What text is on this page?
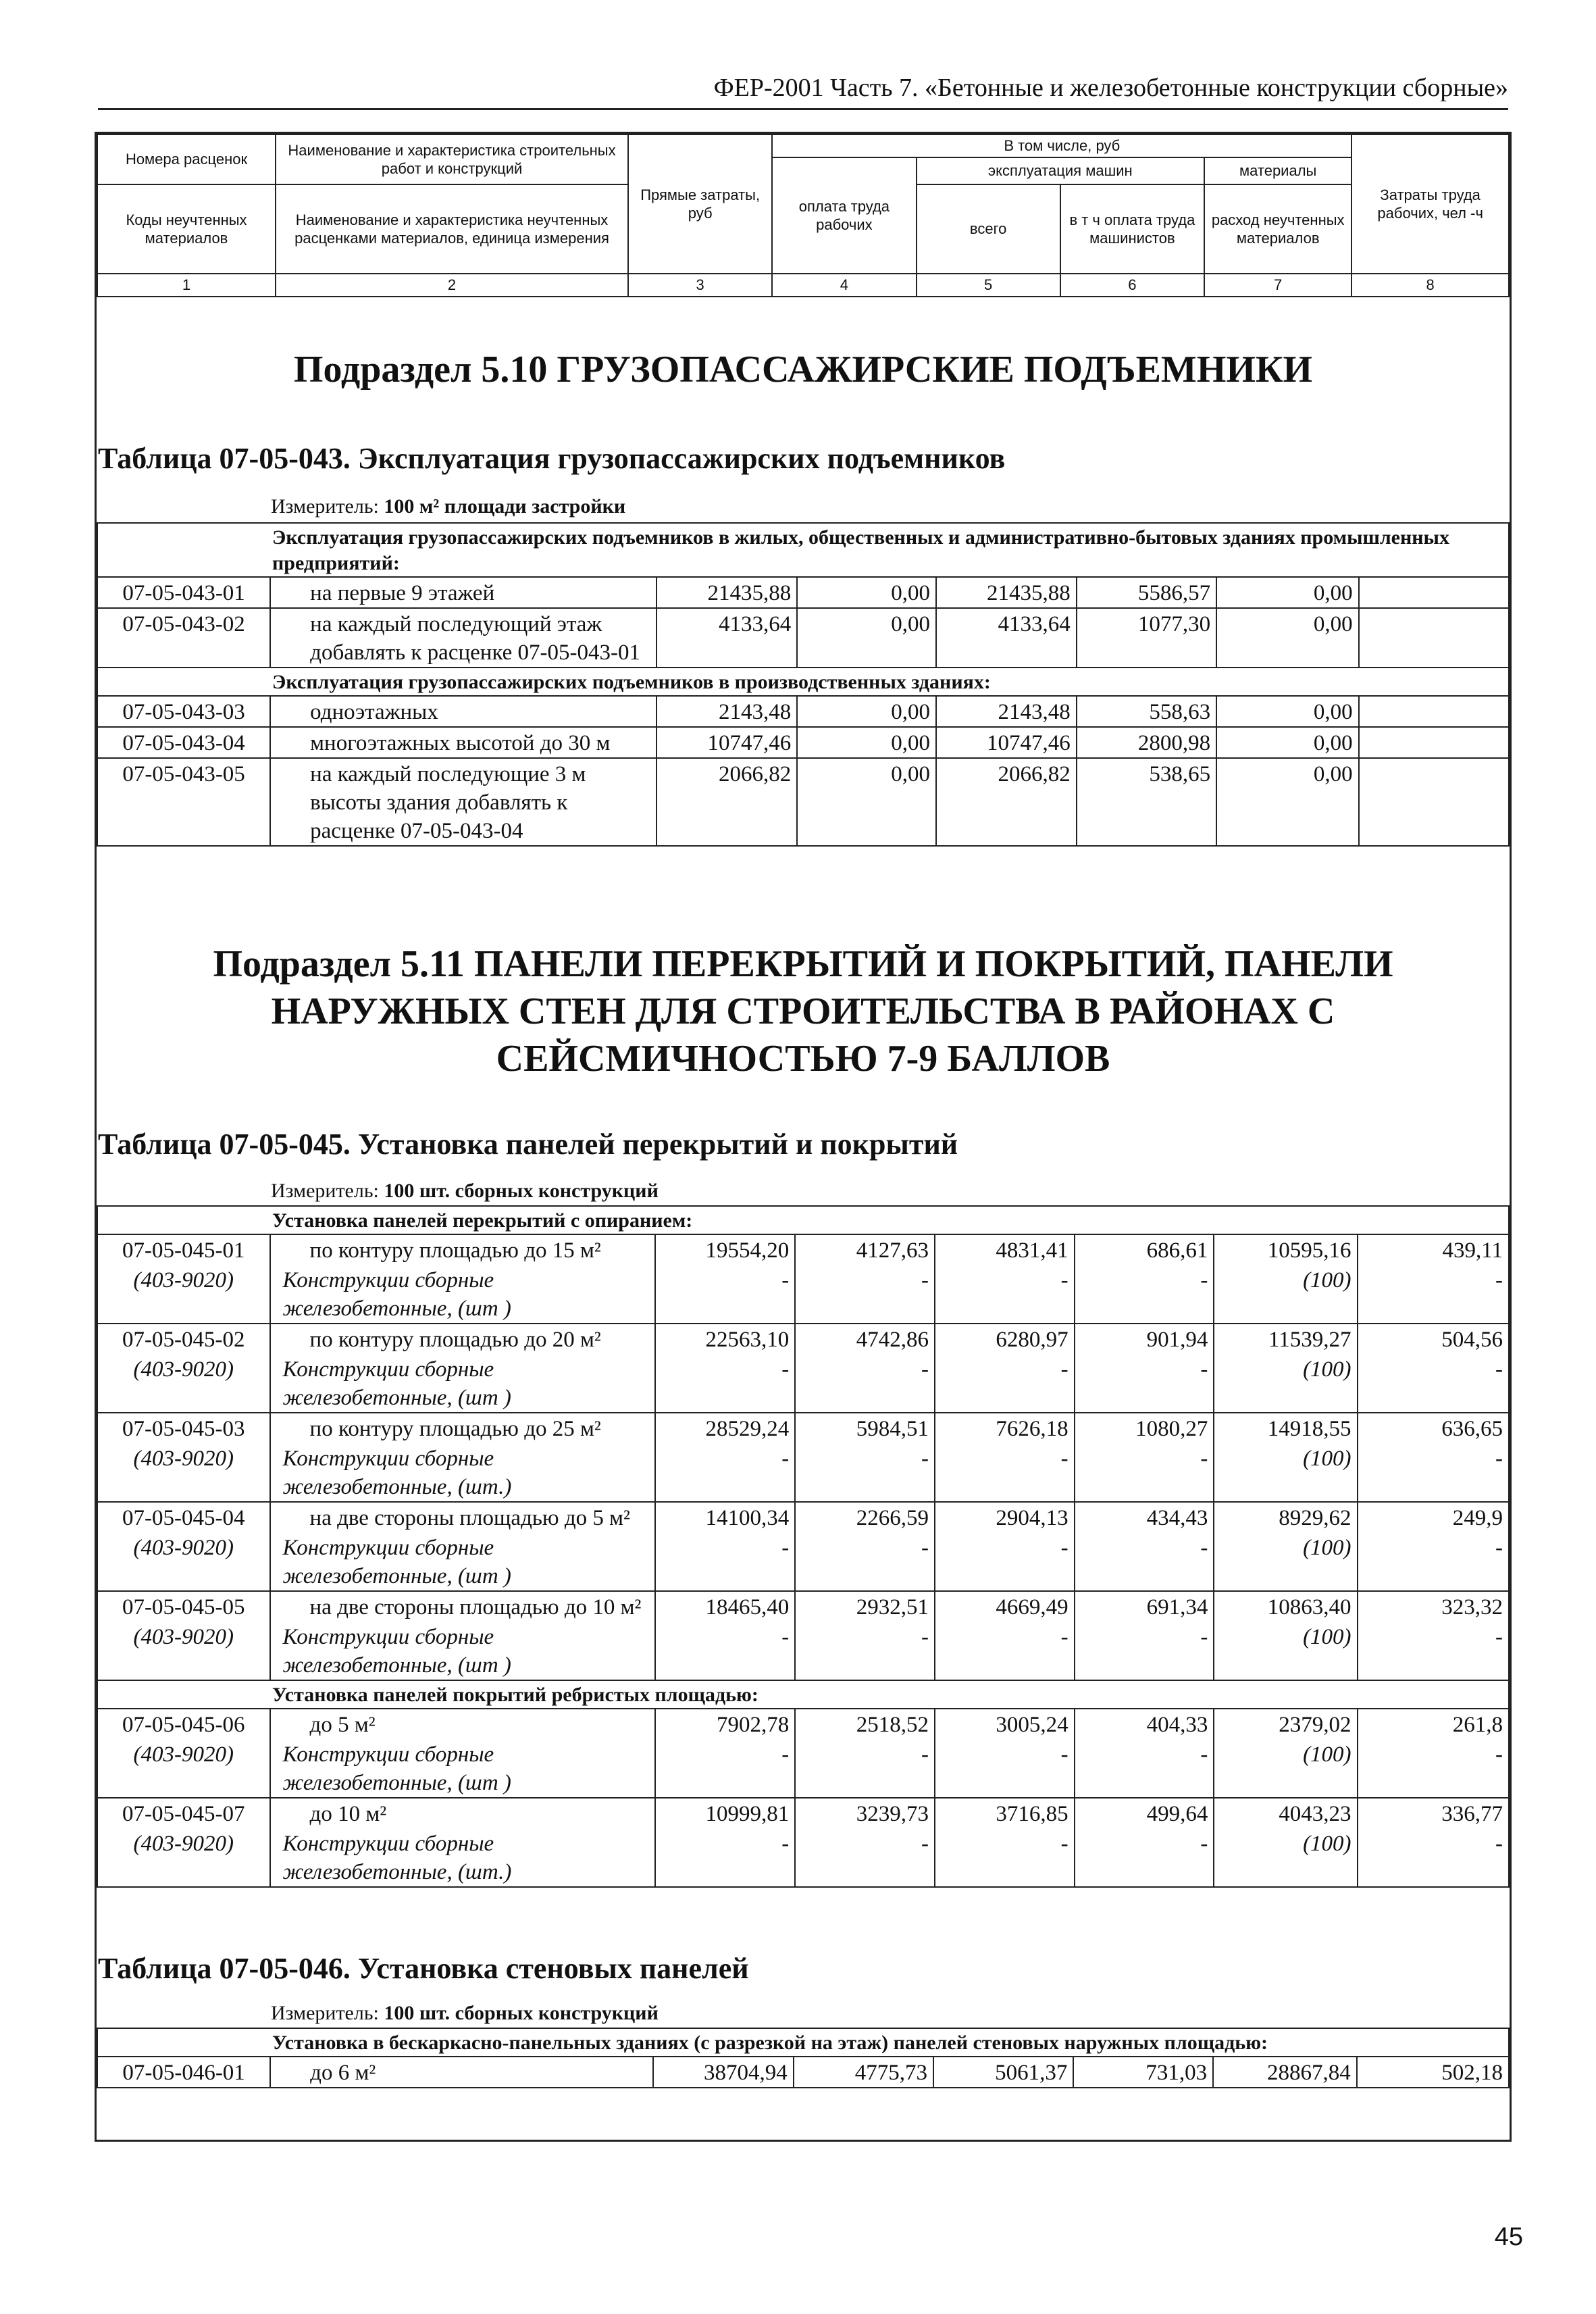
ФЕР-2001 Часть 7. «Бетонные и железобетонные конструкции сборные»
Номера расценок	Наименование и характеристика строительных работ и конструкций	Прямые затраты, руб	В том числе, руб				Затраты труда рабочих, чел -ч
			оплата труда рабочих	эксплуатация машин		материалы	
Коды неучтенных материалов	Наименование и характеристика неучтенных расценками материалов, единица измерения			всего	в т ч оплата труда машинистов	расход неучтенных материалов	

1	2	3	4	5	6	7	8
Подраздел 5.10 ГРУЗОПАССАЖИРСКИЕ ПОДЪЕМНИКИ
Таблица 07-05-043. Эксплуатация грузопассажирских подъемников
Измеритель: 100 м² площади застройки
Эксплуатация грузопассажирских подъемников в жилых, общественных и административно-бытовых зданиях промышленных предприятий:							
07-05-043-01	на первые 9 этажей	21435,88	0,00	21435,88	5586,57	0,00	
07-05-043-02	на каждый последующий этаж добавлять к расценке 07-05-043-01	4133,64	0,00	4133,64	1077,30	0,00	
Эксплуатация грузопассажирских подъемников в производственных зданиях:							
07-05-043-03	одноэтажных	2143,48	0,00	2143,48	558,63	0,00	
07-05-043-04	многоэтажных высотой до 30 м	10747,46	0,00	10747,46	2800,98	0,00	
07-05-043-05	на каждый последующие 3 м высоты здания добавлять к расценке 07-05-043-04	2066,82	0,00	2066,82	538,65	0,00	
Подраздел 5.11 ПАНЕЛИ ПЕРЕКРЫТИЙ И ПОКРЫТИЙ, ПАНЕЛИ
НАРУЖНЫХ СТЕН ДЛЯ СТРОИТЕЛЬСТВА В РАЙОНАХ С
СЕЙСМИЧНОСТЬЮ 7-9 БАЛЛОВ
Таблица 07-05-045. Установка панелей перекрытий и покрытий
Измеритель: 100 шт. сборных конструкций
Установка панелей перекрытий с опиранием:							
07-05-045-01	по контуру площадью до 15 м²	19554,20	4127,63	4831,41	686,61	10595,16	439,11
(403-9020)	Конструкции сборные железобетонные, (шт )	-	-	-	-	(100)	-
07-05-045-02	по контуру площадью до 20 м²	22563,10	4742,86	6280,97	901,94	11539,27	504,56
(403-9020)	Конструкции сборные железобетонные, (шт )	-	-	-	-	(100)	-
07-05-045-03	по контуру площадью до 25 м²	28529,24	5984,51	7626,18	1080,27	14918,55	636,65
(403-9020)	Конструкции сборные железобетонные, (шт.)	-	-	-	-	(100)	-
07-05-045-04	на две стороны площадью до 5 м²	14100,34	2266,59	2904,13	434,43	8929,62	249,9
(403-9020)	Конструкции сборные железобетонные, (шт )	-	-	-	-	(100)	-
07-05-045-05	на две стороны площадью до 10 м²	18465,40	2932,51	4669,49	691,34	10863,40	323,32
(403-9020)	Конструкции сборные железобетонные, (шт )	-	-	-	-	(100)	-
Установка панелей покрытий ребристых площадью:							
07-05-045-06	до 5 м²	7902,78	2518,52	3005,24	404,33	2379,02	261,8
(403-9020)	Конструкции сборные железобетонные, (шт )	-	-	-	-	(100)	-
07-05-045-07	до 10 м²	10999,81	3239,73	3716,85	499,64	4043,23	336,77
(403-9020)	Конструкции сборные железобетонные, (шт.)	-	-	-	-	(100)	-
Таблица 07-05-046. Установка стеновых панелей
Измеритель: 100 шт. сборных конструкций
Установка в бескаркасно-панельных зданиях (с разрезкой на этаж) панелей стеновых наружных площадью:
07-05-046-01	до 6 м²	38704,94	4775,73	5061,37	731,03	28867,84	502,18
45
